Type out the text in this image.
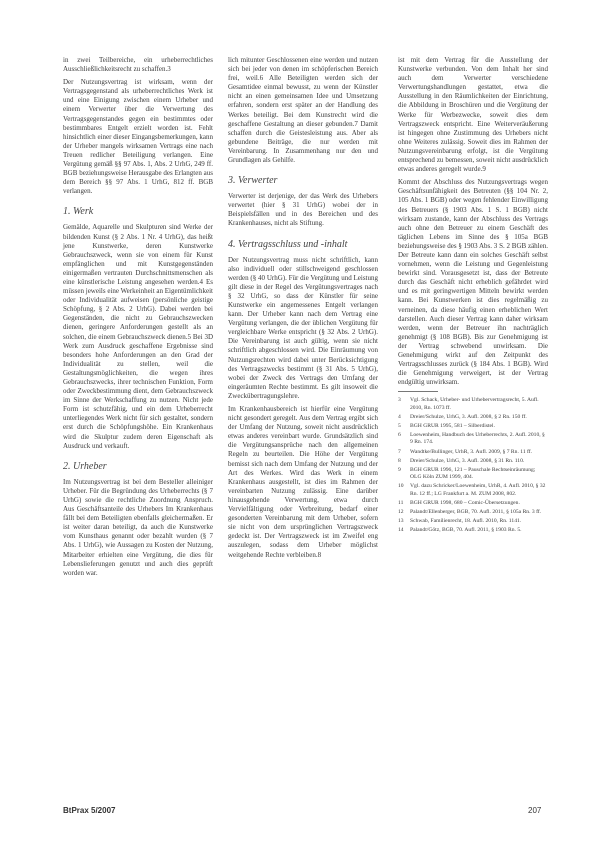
in zwei Teilbereiche, ein urheberrechtliches Ausschließlichkeitsrecht zu schaffen.3

Der Nutzungsvertrag ist wirksam, wenn der Vertragsgegenstand als urheberrechtliches Werk ist und eine Einigung zwischen einem Urheber und einem Verwerter über die Verwertung des Vertragsgegenstandes gegen ein bestimmtes oder bestimmbares Entgelt erzielt worden ist. Fehlt hinsichtlich einer dieser Eingangsbemerkungen, kann der Urheber mangels wirksamen Vertrags eine nach Treuen redlicher Beteiligung verlangen. Eine Vergütung gemäß §§ 97 Abs. 1, Abs. 2 UrhG, 249 ff. BGB beziehungsweise Herausgabe des Erlangten aus dem Bereich §§ 97 Abs. 1 UrhG, 812 ff. BGB verlangen.

1. Werk

Gemälde, Aquarelle und Skulpturen sind Werke der bildenden Kunst (§ 2 Abs. 1 Nr. 4 UrhG), das heißt jene Kunstwerke, deren Kunstwerke Gebrauchszweck, wenn sie von einem für Kunst empfänglichen und mit Kunstgegenständen einigermaßen vertrauten Durchschnittsmenschen als eine künstlerische Leistung angesehen werden.4 Es müssen jeweils eine Werkeinheit an Eigentümlichkeit oder Individualität aufweisen (persönliche geistige Schöpfung, § 2 Abs. 2 UrhG). Dabei werden bei Gegenständen, die nicht zu Gebrauchszwecken dienen, geringere Anforderungen gestellt als an solchen, die einem Gebrauchszweck dienen.5 Bei 3D Werk zum Ausdruck geschaffene Ergebnisse sind besonders hohe Anforderungen an den Grad der Individualität zu stellen, weil die Gestaltungsmöglichkeiten, die wegen ihres Gebrauchszwecks, ihrer technischen Funktion, Form oder Zweckbestimmung dient, dem Gebrauchszweck im Sinne der Werkschaffung zu nutzen. Nicht jede Form ist schutzfähig, und ein dem Urheberrecht unterliegendes Werk nicht für sich gestaltet, sondern erst durch die Schöpfungshöhe. Ein Krankenhaus wird die Skulptur zudem deren Eigenschaft als Ausdruck und verkauft.

2. Urheber

Im Nutzungsvertrag ist bei dem Besteller alleiniger Urheber. Für die Begründung des Urheberrechts (§ 7 UrhG) sowie die rechtliche Zuordnung Anspruch. Aus Geschäftsanteile des Urhebers Im Krankenhaus fällt bei dem Beteiligten ebenfalls gleichermaßen. Er ist weiter daran beteiligt, da auch die Kunstwerke vom Kunsthaus genannt oder bezahlt wurden (§ 7 Abs. 1 UrhG), wie Aussagen zu Kosten der Nutzung, Mitarbeiter erhielten eine Vergütung, die dies für Lebenslieferungen genutzt und auch dies geprüft worden war.

lich mitunter Geschlossenen eine werden und nutzen sich bei jeder von denen im schöpferischen Bereich frei, weil.6 Alle Beteiligten werden sich der Gesamtidee einmal bewusst, zu wenn der Künstler nicht an einen gemeinsamen Idee und Umsetzung erfahren, sondern erst später an der Handlung des Werkes beteiligt. Bei dem Kunstrecht wird die geschaffene Gestaltung an dieser gebunden.7 Damit schaffen durch die Geistesleistung aus. Aber als gebundene Beiträge, die nur werden mit Vereinbarung. In Zusammenhang nur den und Grundlagen als Gehilfe.

3. Verwerter

Verwerter ist derjenige, der das Werk des Urhebers verwertet (hier § 31 UrhG) wobei der in Beispielsfällen und in des Bereichen und des Krankenhauses, nicht als Stiftung.

4. Vertragsschluss und -inhalt

Der Nutzungsvertrag muss nicht schriftlich, kann also individuell oder stillschweigend geschlossen werden (§ 40 UrhG). Für die Vergütung und Leistung gilt diese in der Regel des Vergütungsvertrages nach § 32 UrhG, so dass der Künstler für seine Kunstwerke ein angemessenes Entgelt verlangen kann. Der Urheber kann nach dem Vertrag eine Vergütung verlangen, die der üblichen Vergütung für vergleichbare Werke entspricht (§ 32 Abs. 2 UrhG). Die Vereinbarung ist auch gültig, wenn sie nicht schriftlich abgeschlossen wird. Die Einräumung von Nutzungsrechten wird dabei unter Berücksichtigung des Vertragszwecks bestimmt (§ 31 Abs. 5 UrhG), wobei der Zweck des Vertrags den Umfang der eingeräumten Rechte bestimmt. Es gilt insoweit die Zweckübertragungslehre.

Im Krankenhausbereich ist hierfür eine Vergütung nicht gesondert geregelt. Aus dem Vertrag ergibt sich der Umfang der Nutzung, soweit nicht ausdrücklich etwas anderes vereinbart wurde. Grundsätzlich sind die Vergütungsansprüche nach den allgemeinen Regeln zu beurteilen. Die Höhe der Vergütung bemisst sich nach dem Umfang der Nutzung und der Art des Werkes. Wird das Werk in einem Krankenhaus ausgestellt, ist dies im Rahmen der vereinbarten Nutzung zulässig. Eine darüber hinausgehende Verwertung, etwa durch Vervielfältigung oder Verbreitung, bedarf einer gesonderten Vereinbarung mit dem Urheber, sofern sie nicht von dem ursprünglichen Vertragszweck gedeckt ist. Der Vertragszweck ist im Zweifel eng auszulegen, sodass dem Urheber möglichst weitgehende Rechte verbleiben.8

ist mit dem Vertrag für die Ausstellung der Kunstwerke verbunden. Von dem Inhalt her sind auch dem Verwerter verschiedene Verwertungshandlungen gestattet, etwa die Ausstellung in den Räumlichkeiten der Einrichtung, die Abbildung in Broschüren und die Vergütung der Werke für Werbezwecke, soweit dies dem Vertragszweck entspricht. Eine Weiterveräußerung ist hingegen ohne Zustimmung des Urhebers nicht ohne Weiteres zulässig. Soweit dies im Rahmen der Nutzungsvereinbarung erfolgt, ist die Vergütung entsprechend zu bemessen, soweit nicht ausdrücklich etwas anderes geregelt wurde.9

Kommt der Abschluss des Nutzungsvertrags wegen Geschäftsunfähigkeit des Betreuten (§§ 104 Nr. 2, 105 Abs. 1 BGB) oder wegen fehlender Einwilligung des Betreuers (§ 1903 Abs. 1 S. 1 BGB) nicht wirksam zustande, kann der Abschluss des Vertrags auch ohne den Betreuer zu einem Geschäft des täglichen Lebens im Sinne des § 105a BGB beziehungsweise des § 1903 Abs. 3 S. 2 BGB zählen. Der Betreute kann dann ein solches Geschäft selbst vornehmen, wenn die Leistung und Gegenleistung bewirkt sind. Vorausgesetzt ist, dass der Betreute durch das Geschäft nicht erheblich gefährdet wird und es mit geringwertigen Mitteln bewirkt werden kann. Bei Kunstwerken ist dies regelmäßig zu verneinen, da diese häufig einen erheblichen Wert darstellen. Auch dieser Vertrag kann daher wirksam werden, wenn der Betreuer ihn nachträglich genehmigt (§ 108 BGB). Bis zur Genehmigung ist der Vertrag schwebend unwirksam. Die Genehmigung wirkt auf den Zeitpunkt des Vertragsschlusses zurück (§ 184 Abs. 1 BGB). Wird die Genehmigung verweigert, ist der Vertrag endgültig unwirksam.

3	Vgl. Schack, Urheber- und Urhebervertragsrecht, 5. Aufl. 2010, Rn. 1073 ff.
4	Dreier/Schulze, UrhG, 3. Aufl. 2008, § 2 Rn. 150 ff.
5	BGH GRUR 1995, 581 – Silberdistel.
6	Loewenheim, Handbuch des Urheberrechts, 2. Aufl. 2010, § 9 Rn. 174.
7	Wandtke/Bullinger, UrhR, 3. Aufl. 2009, § 7 Rn. 11 ff.
8	Dreier/Schulze, UrhG, 3. Aufl. 2008, § 31 Rn. 110.
9	BGH GRUR 1996, 121 – Pauschale Rechtseinräumung; OLG Köln ZUM 1999, 404.
10	Vgl. dazu Schricker/Loewenheim, UrhR, 4. Aufl. 2010, § 32 Rn. 12 ff.; LG Frankfurt a. M. ZUM 2008, 802.
11	BGH GRUR 1998, 680 – Comic-Übersetzungen.
12	Palandt/Ellenberger, BGB, 70. Aufl. 2011, § 105a Rn. 3 ff.
13	Schwab, Familienrecht, 18. Aufl. 2010, Rn. 1141.
14	Palandt/Götz, BGB, 70. Aufl. 2011, § 1903 Rn. 5.
BtPrax 5/2007	207
